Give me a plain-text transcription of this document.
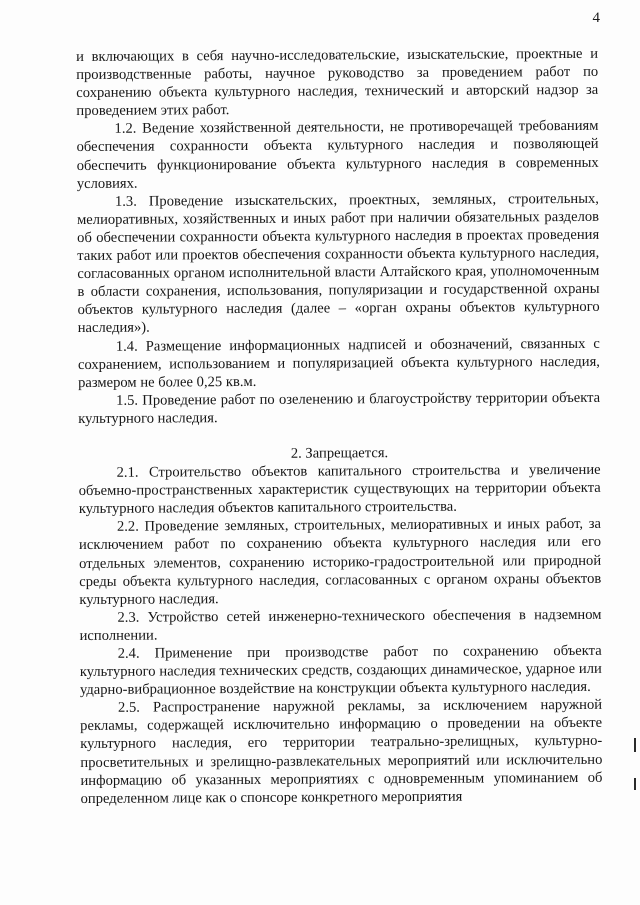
4

и включающих в себя научно-исследовательские, изыскательские, проектные и производственные работы, научное руководство за проведением работ по сохранению объекта культурного наследия, технический и авторский надзор за проведением этих работ.

1.2. Ведение хозяйственной деятельности, не противоречащей требованиям обеспечения сохранности объекта культурного наследия и позволяющей обеспечить функционирование объекта культурного наследия в современных условиях.

1.3. Проведение изыскательских, проектных, земляных, строительных, мелиоративных, хозяйственных и иных работ при наличии обязательных разделов об обеспечении сохранности объекта культурного наследия в проектах проведения таких работ или проектов обеспечения сохранности объекта культурного наследия, согласованных органом исполнительной власти Алтайского края, уполномоченным в области сохранения, использования, популяризации и государственной охраны объектов культурного наследия (далее – «орган охраны объектов культурного наследия»).

1.4. Размещение информационных надписей и обозначений, связанных с сохранением, использованием и популяризацией объекта культурного наследия, размером не более 0,25 кв.м.

1.5. Проведение работ по озеленению и благоустройству территории объекта культурного наследия.

2. Запрещается.

2.1. Строительство объектов капитального строительства и увеличение объемно-пространственных характеристик существующих на территории объекта культурного наследия объектов капитального строительства.

2.2. Проведение земляных, строительных, мелиоративных и иных работ, за исключением работ по сохранению объекта культурного наследия или его отдельных элементов, сохранению историко-градостроительной или природной среды объекта культурного наследия, согласованных с органом охраны объектов культурного наследия.

2.3. Устройство сетей инженерно-технического обеспечения в надземном исполнении.

2.4. Применение при производстве работ по сохранению объекта культурного наследия технических средств, создающих динамическое, ударное или ударно-вибрационное воздействие на конструкции объекта культурного наследия.

2.5. Распространение наружной рекламы, за исключением наружной рекламы, содержащей исключительно информацию о проведении на объекте культурного наследия, его территории театрально-зрелищных, культурно-просветительных и зрелищно-развлекательных мероприятий или исключительно информацию об указанных мероприятиях с одновременным упоминанием об определенном лице как о спонсоре конкретного мероприятия
